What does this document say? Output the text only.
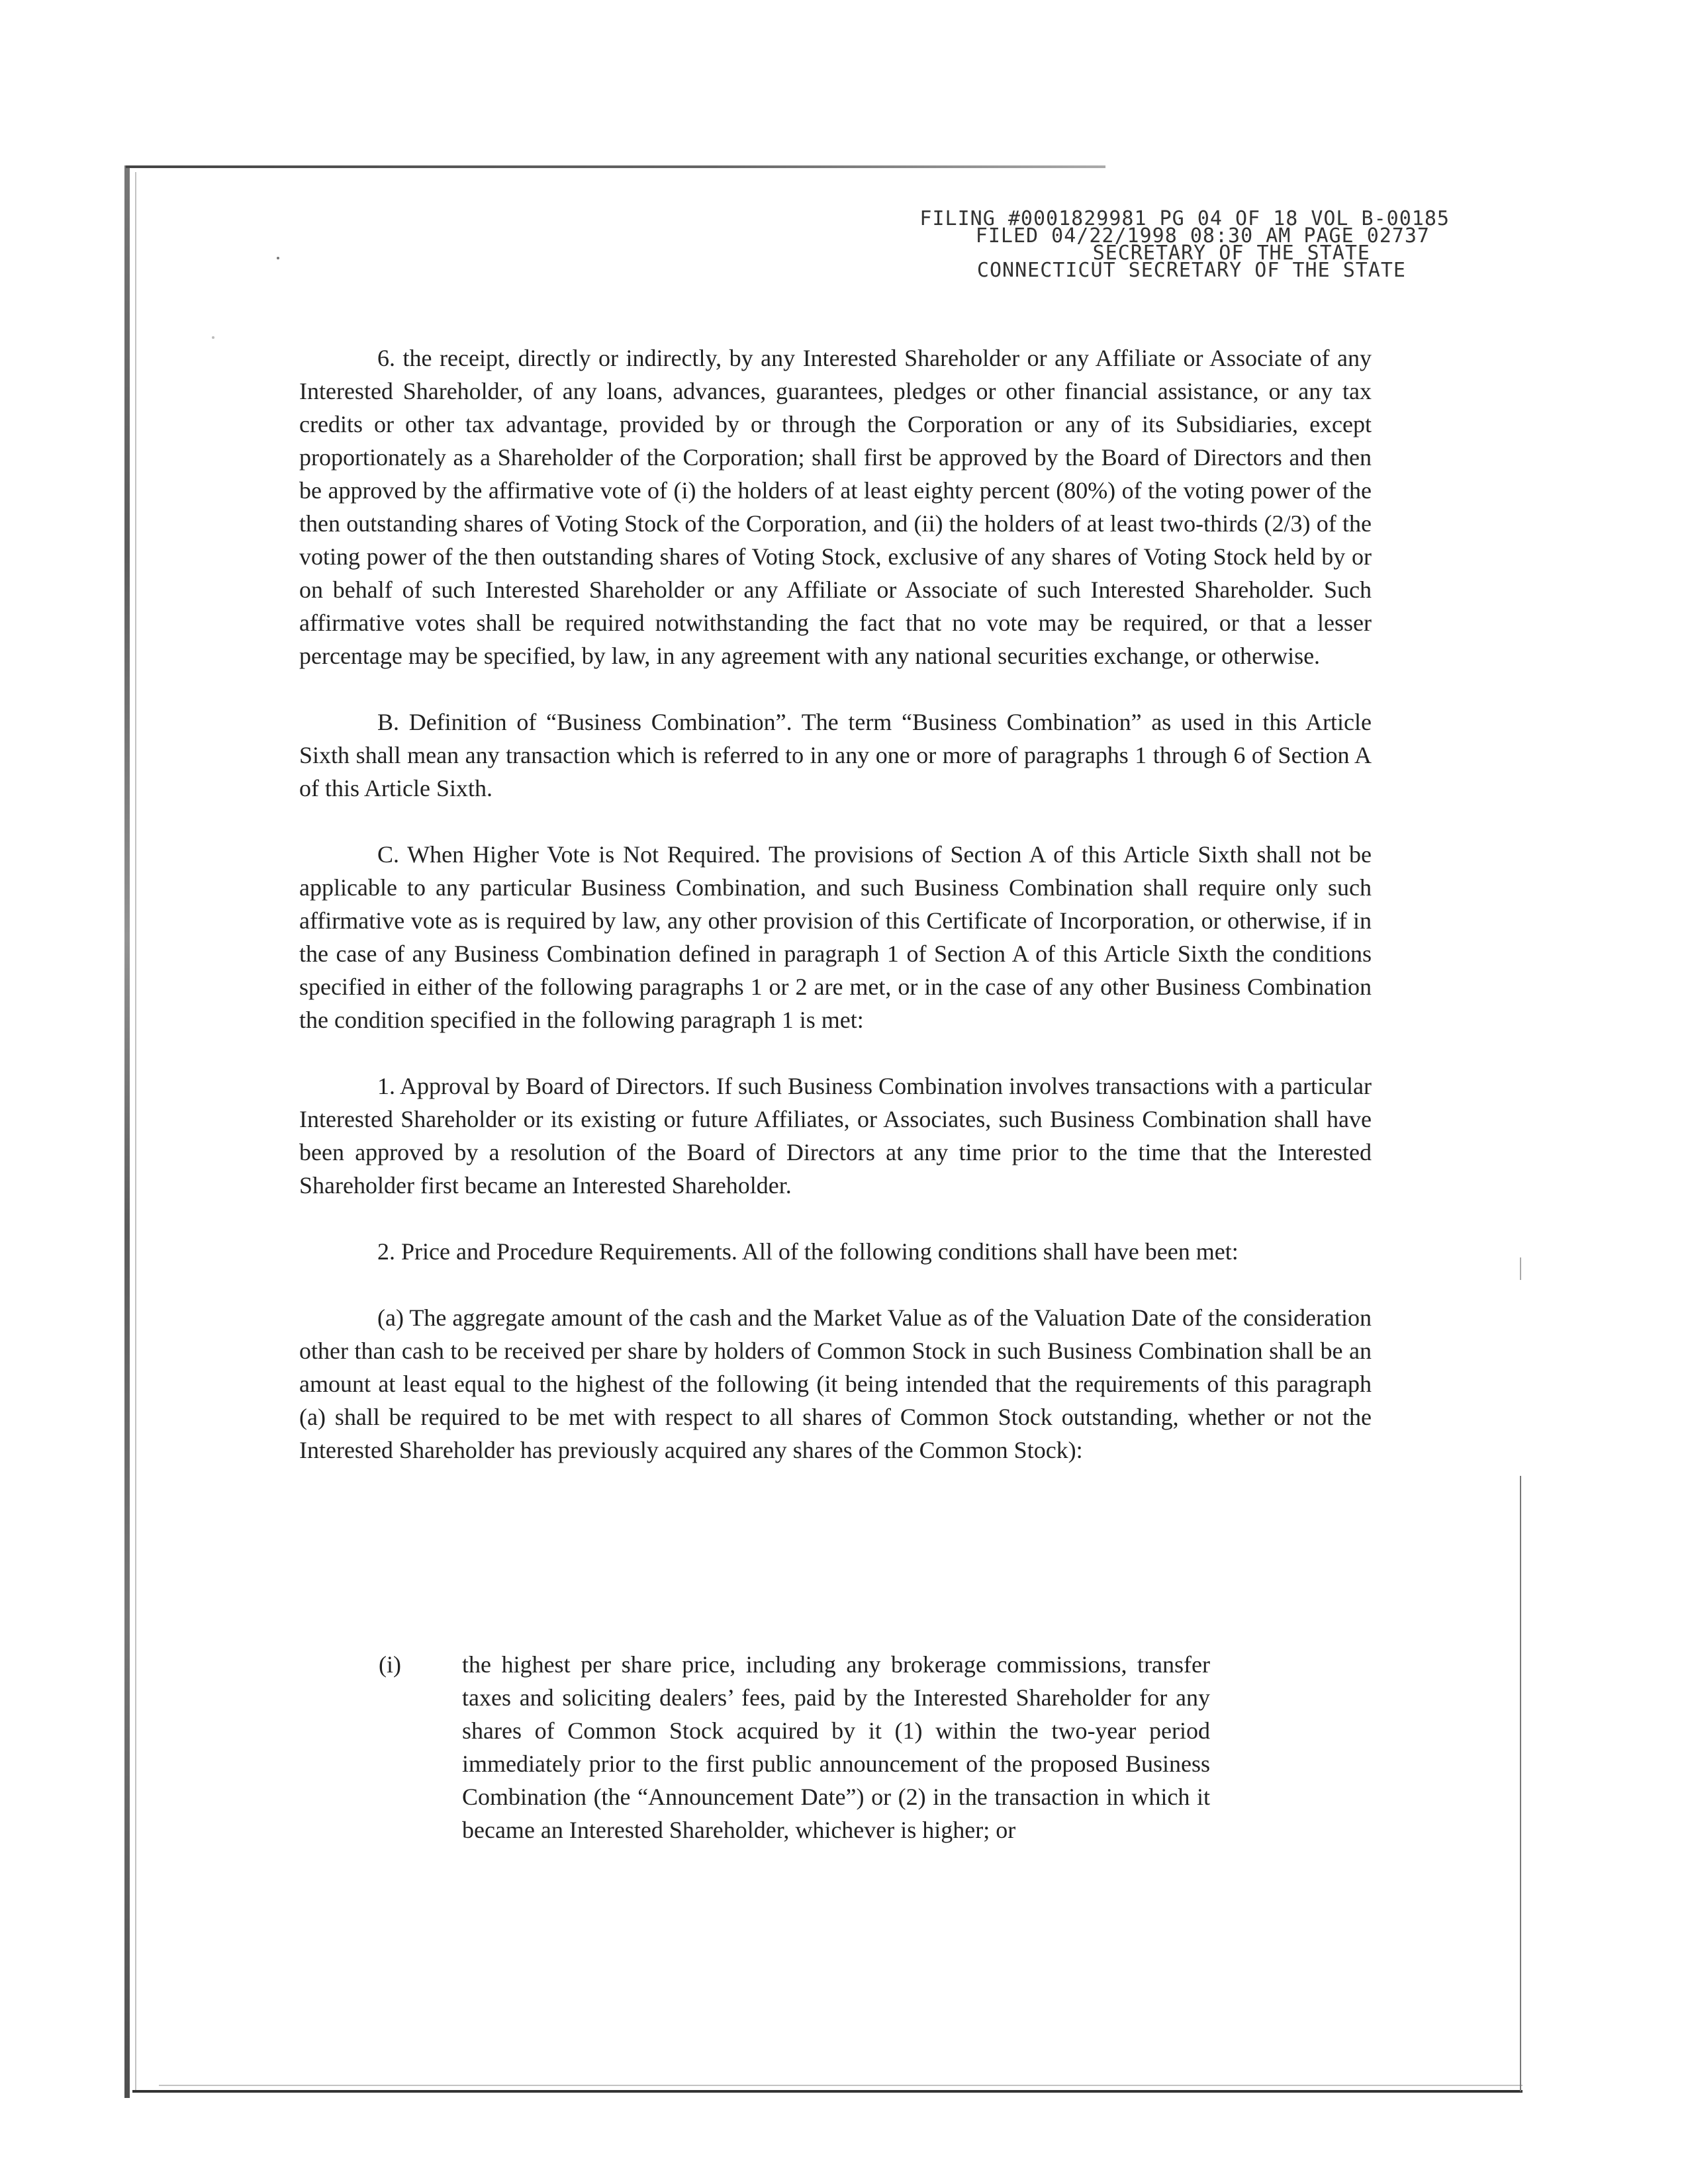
FILING #0001829981 PG 04 OF 18 VOL B-00185
FILED 04/22/1998 08:30 AM PAGE 02737
SECRETARY OF THE STATE
CONNECTICUT SECRETARY OF THE STATE

6. the receipt, directly or indirectly, by any Interested Shareholder or any Affiliate or Associate of any Interested Shareholder, of any loans, advances, guarantees, pledges or other financial assistance, or any tax credits or other tax advantage, provided by or through the Corporation or any of its Subsidiaries, except proportionately as a Shareholder of the Corporation; shall first be approved by the Board of Directors and then be approved by the affirmative vote of (i) the holders of at least eighty percent (80%) of the voting power of the then outstanding shares of Voting Stock of the Corporation, and (ii) the holders of at least two-thirds (2/3) of the voting power of the then outstanding shares of Voting Stock, exclusive of any shares of Voting Stock held by or on behalf of such Interested Shareholder or any Affiliate or Associate of such Interested Shareholder. Such affirmative votes shall be required notwithstanding the fact that no vote may be required, or that a lesser percentage may be specified, by law, in any agreement with any national securities exchange, or otherwise.

B. Definition of “Business Combination”. The term “Business Combination” as used in this Article Sixth shall mean any transaction which is referred to in any one or more of paragraphs 1 through 6 of Section A of this Article Sixth.

C. When Higher Vote is Not Required. The provisions of Section A of this Article Sixth shall not be applicable to any particular Business Combination, and such Business Combination shall require only such affirmative vote as is required by law, any other provision of this Certificate of Incorporation, or otherwise, if in the case of any Business Combination defined in paragraph 1 of Section A of this Article Sixth the conditions specified in either of the following paragraphs 1 or 2 are met, or in the case of any other Business Combination the condition specified in the following paragraph 1 is met:

1. Approval by Board of Directors. If such Business Combination involves transactions with a particular Interested Shareholder or its existing or future Affiliates, or Associates, such Business Combination shall have been approved by a resolution of the Board of Directors at any time prior to the time that the Interested Shareholder first became an Interested Shareholder.

2. Price and Procedure Requirements. All of the following conditions shall have been met:

(a) The aggregate amount of the cash and the Market Value as of the Valuation Date of the consideration other than cash to be received per share by holders of Common Stock in such Business Combination shall be an amount at least equal to the highest of the following (it being intended that the requirements of this paragraph (a) shall be required to be met with respect to all shares of Common Stock outstanding, whether or not the Interested Shareholder has previously acquired any shares of the Common Stock):

(i)	the highest per share price, including any brokerage commissions, transfer taxes and soliciting dealers’ fees, paid by the Interested Shareholder for any shares of Common Stock acquired by it (1) within the two-year period immediately prior to the first public announcement of the proposed Business Combination (the “Announcement Date”) or (2) in the transaction in which it became an Interested Shareholder, whichever is higher; or
